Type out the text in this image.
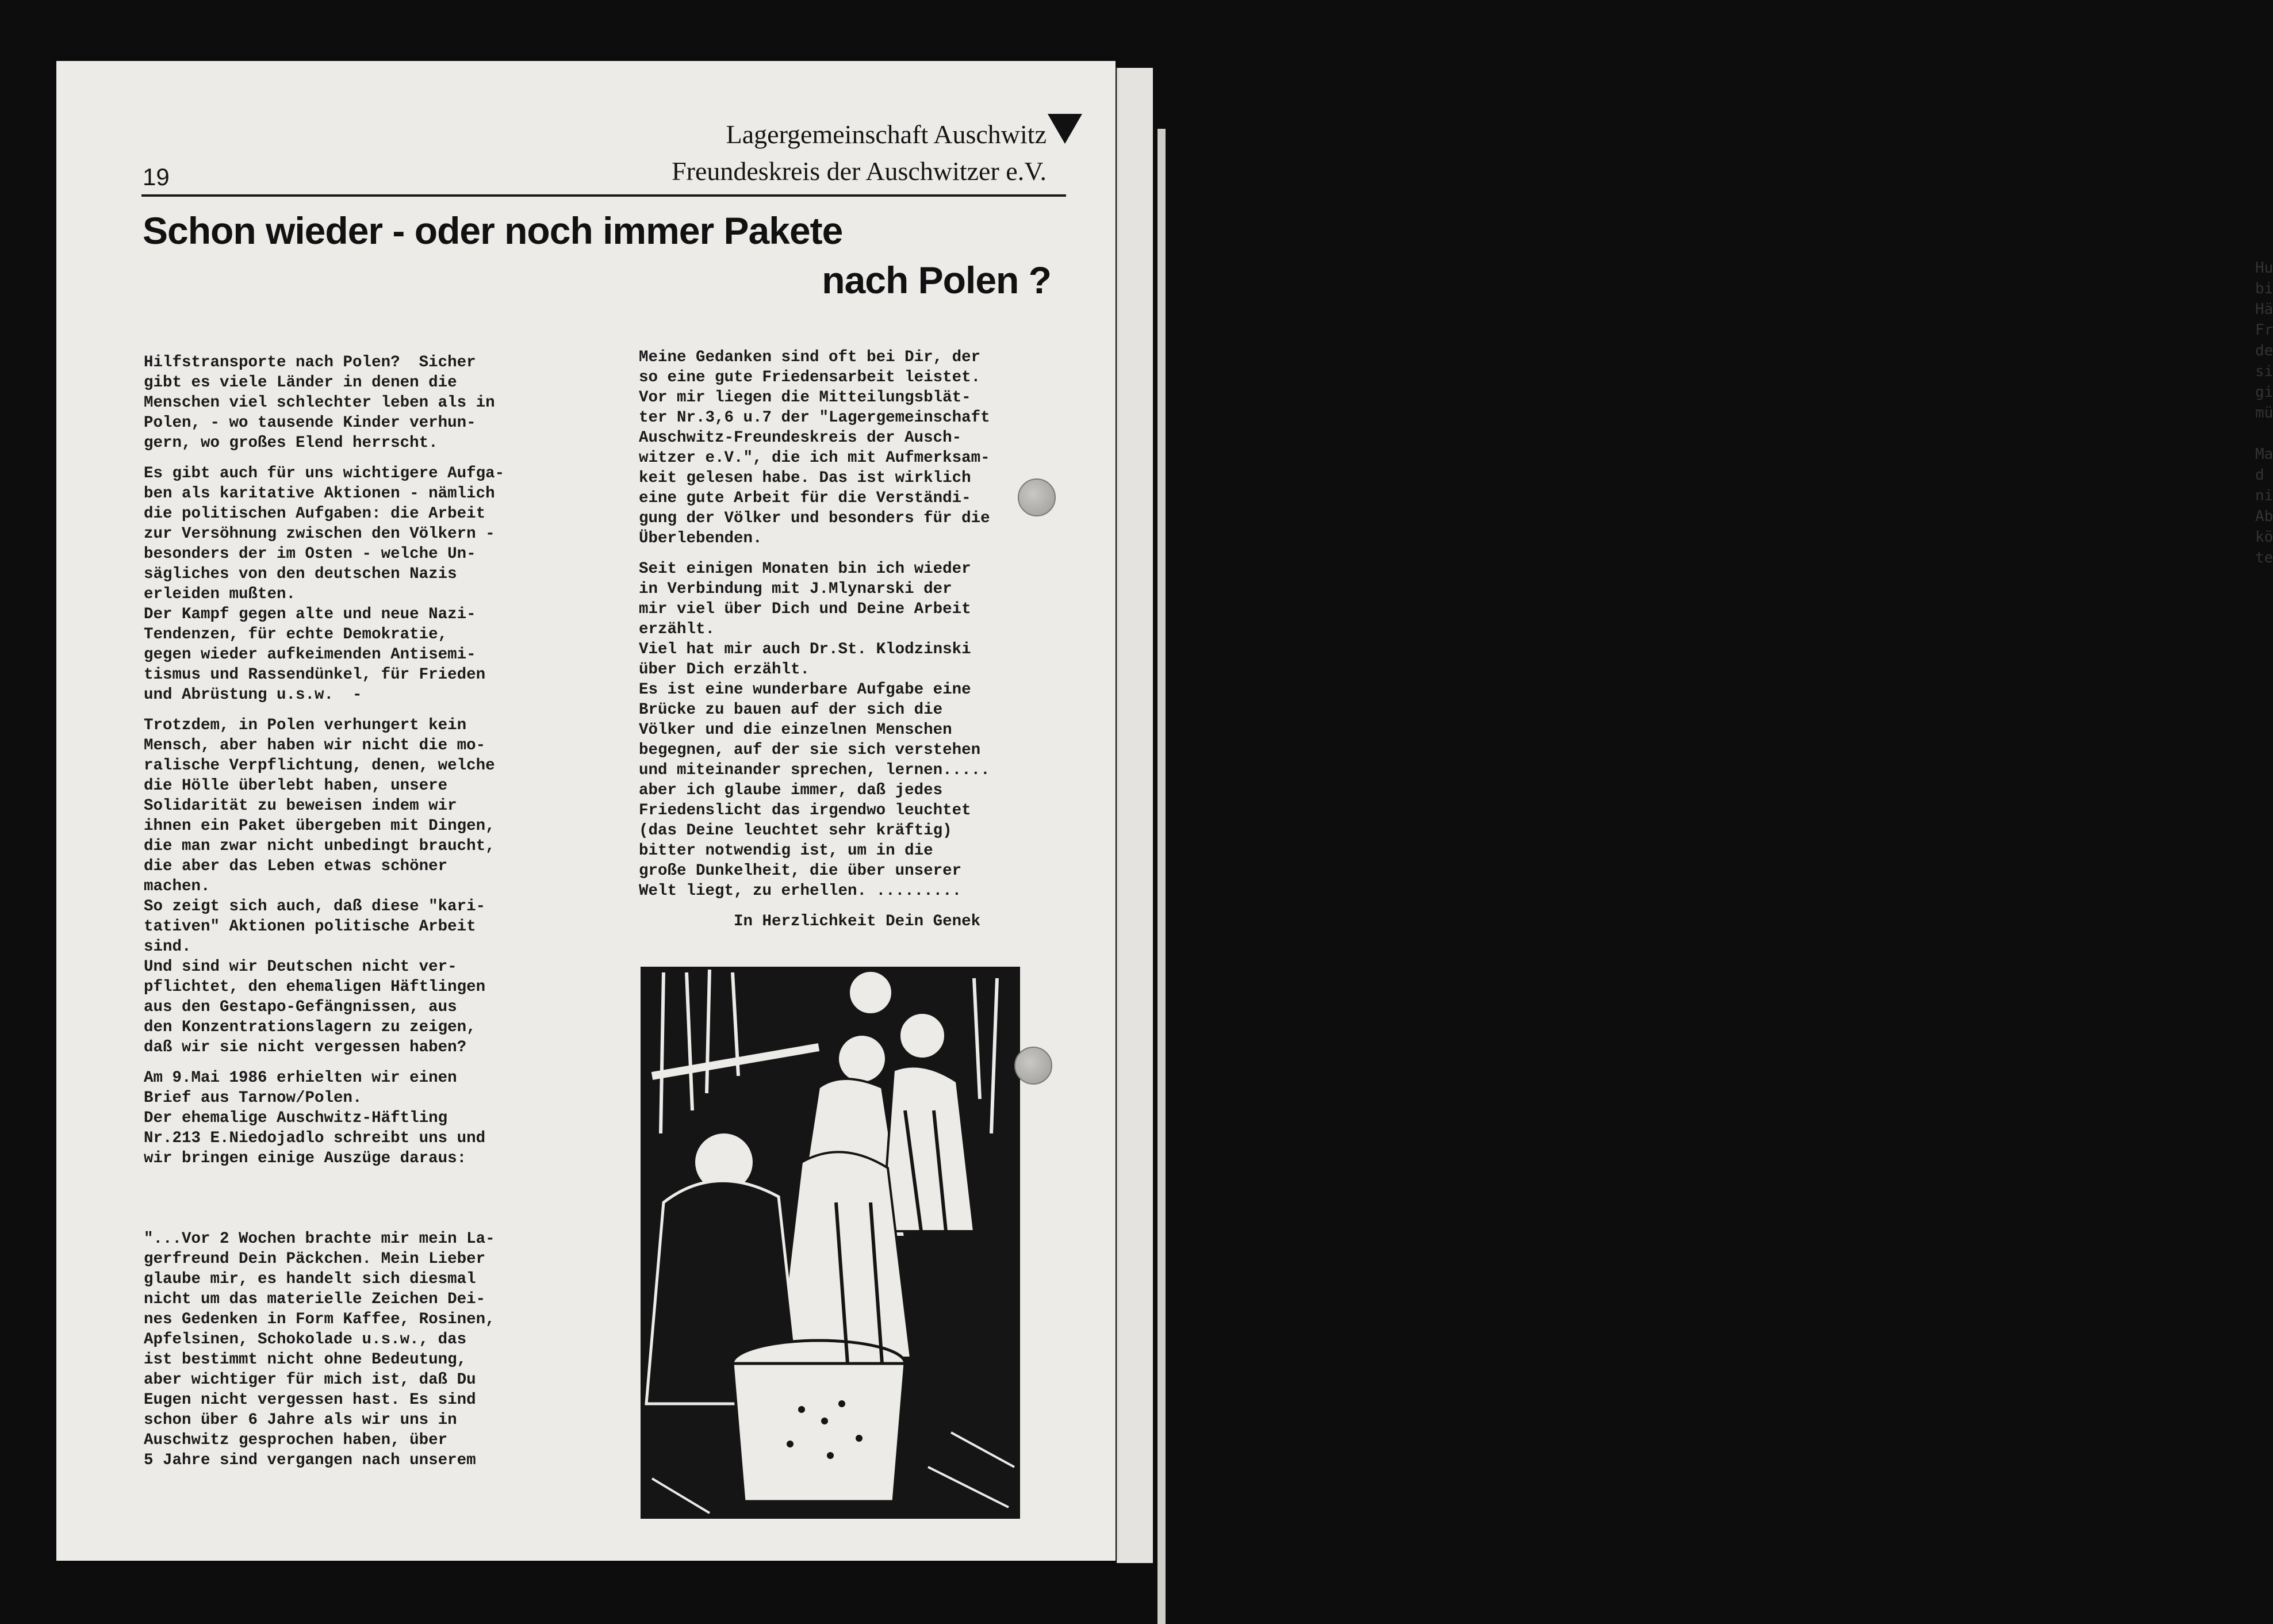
Hu
bi
Hä
Fr
de
si
gi
mü

Ma
d
ni
Ab
kö
te
Lagergemeinschaft Auschwitz
Freundeskreis der Auschwitzer e.V.
19
Schon wieder - oder noch immer Pakete
nach Polen ?

Hilfstransporte nach Polen?  Sicher
gibt es viele Länder in denen die
Menschen viel schlechter leben als in
Polen, - wo tausende Kinder verhun-
gern, wo großes Elend herrscht.

Es gibt auch für uns wichtigere Aufga-
ben als karitative Aktionen - nämlich
die politischen Aufgaben: die Arbeit
zur Versöhnung zwischen den Völkern -
besonders der im Osten - welche Un-
sägliches von den deutschen Nazis
erleiden mußten.
Der Kampf gegen alte und neue Nazi-
Tendenzen, für echte Demokratie,
gegen wieder aufkeimenden Antisemi-
tismus und Rassendünkel, für Frieden
und Abrüstung u.s.w.  -

Trotzdem, in Polen verhungert kein
Mensch, aber haben wir nicht die mo-
ralische Verpflichtung, denen, welche
die Hölle überlebt haben, unsere
Solidarität zu beweisen indem wir
ihnen ein Paket übergeben mit Dingen,
die man zwar nicht unbedingt braucht,
die aber das Leben etwas schöner
machen.
So zeigt sich auch, daß diese "kari-
tativen" Aktionen politische Arbeit
sind.
Und sind wir Deutschen nicht ver-
pflichtet, den ehemaligen Häftlingen
aus den Gestapo-Gefängnissen, aus
den Konzentrationslagern zu zeigen,
daß wir sie nicht vergessen haben?

Am 9.Mai 1986 erhielten wir einen
Brief aus Tarnow/Polen.
Der ehemalige Auschwitz-Häftling
Nr.213 E.Niedojadlo schreibt uns und
wir bringen einige Auszüge daraus:

"...Vor 2 Wochen brachte mir mein La-
gerfreund Dein Päckchen. Mein Lieber
glaube mir, es handelt sich diesmal
nicht um das materielle Zeichen Dei-
nes Gedenken in Form Kaffee, Rosinen,
Apfelsinen, Schokolade u.s.w., das
ist bestimmt nicht ohne Bedeutung,
aber wichtiger für mich ist, daß Du
Eugen nicht vergessen hast. Es sind
schon über 6 Jahre als wir uns in
Auschwitz gesprochen haben, über
5 Jahre sind vergangen nach unserem

Meine Gedanken sind oft bei Dir, der
so eine gute Friedensarbeit leistet.
Vor mir liegen die Mitteilungsblät-
ter Nr.3,6 u.7 der "Lagergemeinschaft
Auschwitz-Freundeskreis der Ausch-
witzer e.V.", die ich mit Aufmerksam-
keit gelesen habe. Das ist wirklich
eine gute Arbeit für die Verständi-
gung der Völker und besonders für die
Überlebenden.

Seit einigen Monaten bin ich wieder
in Verbindung mit J.Mlynarski der
mir viel über Dich und Deine Arbeit
erzählt.
Viel hat mir auch Dr.St. Klodzinski
über Dich erzählt.
Es ist eine wunderbare Aufgabe eine
Brücke zu bauen auf der sich die
Völker und die einzelnen Menschen
begegnen, auf der sie sich verstehen
und miteinander sprechen, lernen.....
aber ich glaube immer, daß jedes
Friedenslicht das irgendwo leuchtet
(das Deine leuchtet sehr kräftig)
bitter notwendig ist, um in die
große Dunkelheit, die über unserer
Welt liegt, zu erhellen. .........

In Herzlichkeit Dein Genek
